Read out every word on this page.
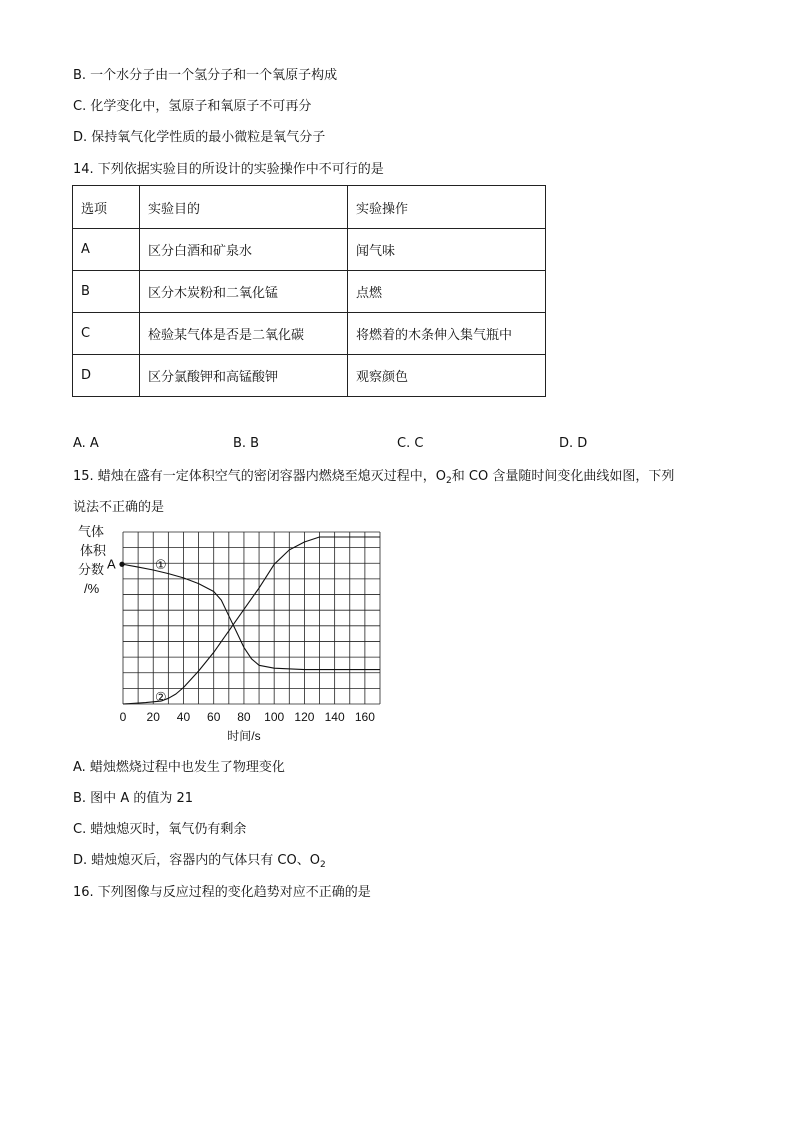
B. 一个水分子由一个氢分子和一个氧原子构成
C. 化学变化中，氢原子和氧原子不可再分
D. 保持氧气化学性质的最小微粒是氧气分子
14. 下列依据实验目的所设计的实验操作中不可行的是
选项	实验目的	实验操作
A	区分白酒和矿泉水	闻气味
B	区分木炭粉和二氧化锰	点燃
C	检验某气体是否是二氧化碳	将燃着的木条伸入集气瓶中
D	区分氯酸钾和高锰酸钾	观察颜色
A. A	B. B	C. C	D. D
15. 蜡烛在盛有一定体积空气的密闭容器内燃烧至熄灭过程中，$O_2$和 CO 含量随时间变化曲线如图，下列
说法不正确的是
气体
体积
分数
/%
0 20 40 60 80 100 120 140 160
A	①
②
时间/s
A. 蜡烛燃烧过程中也发生了物理变化
B. 图中 A 的值为 21
C. 蜡烛熄灭时，氧气仍有剩余
D. 蜡烛熄灭后，容器内的气体只有 CO、$O_2$
16. 下列图像与反应过程的变化趋势对应不正确的是
